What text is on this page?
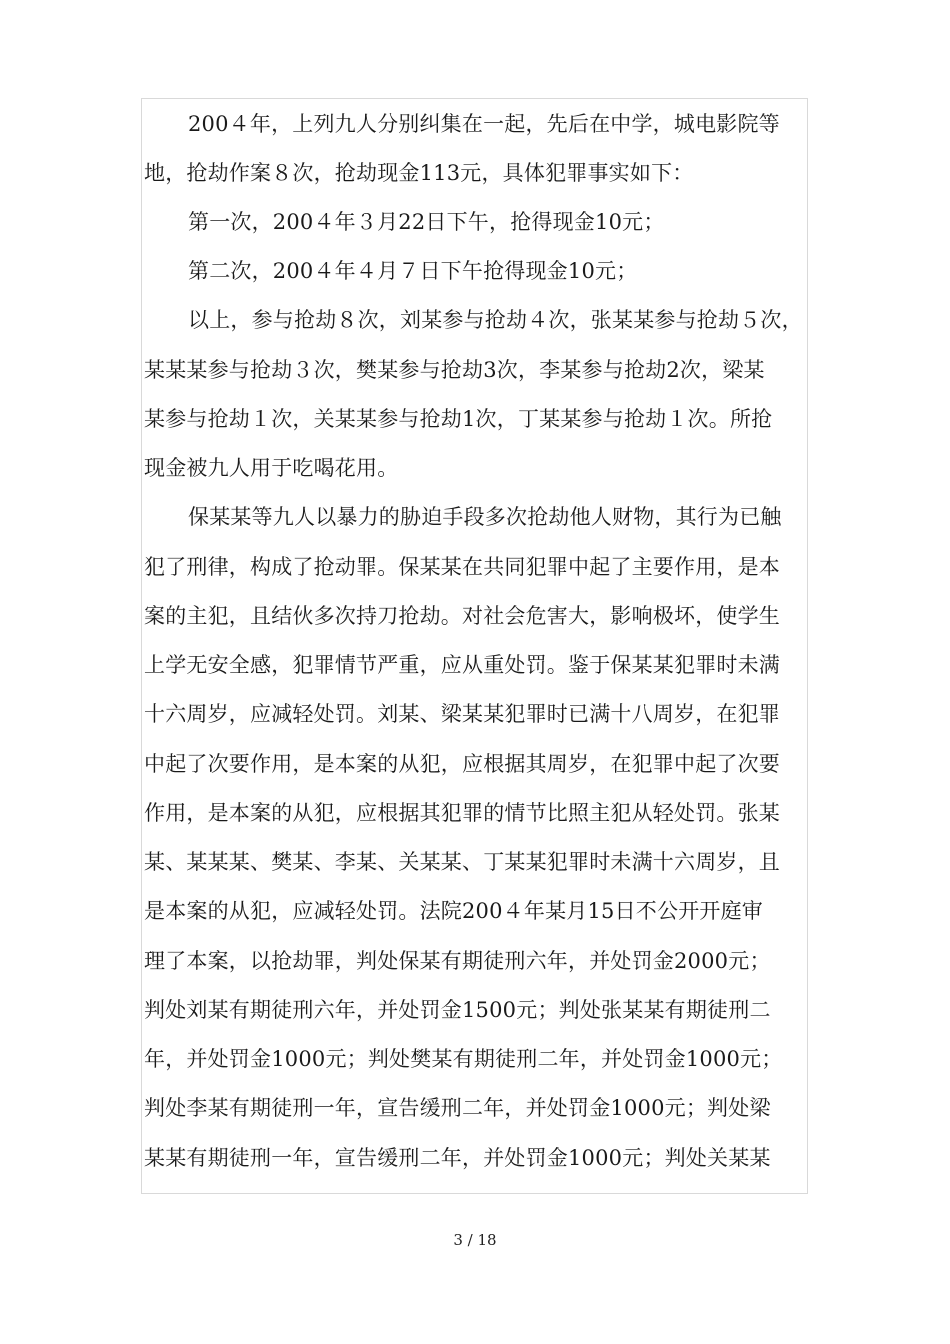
200４年，上列九人分别纠集在一起，先后在中学，城电影院等
地，抢劫作案８次，抢劫现金113元，具体犯罪事实如下：
第一次，200４年３月22日下午，抢得现金10元；
第二次，200４年４月７日下午抢得现金10元；
以上，参与抢劫８次，刘某参与抢劫４次，张某某参与抢劫５次，
某某某参与抢劫３次，樊某参与抢劫3次，李某参与抢劫2次，梁某
某参与抢劫１次，关某某参与抢劫1次，丁某某参与抢劫１次。所抢
现金被九人用于吃喝花用。
保某某等九人以暴力的胁迫手段多次抢劫他人财物，其行为已触
犯了刑律，构成了抢动罪。保某某在共同犯罪中起了主要作用，是本
案的主犯，且结伙多次持刀抢劫。对社会危害大，影响极坏，使学生
上学无安全感，犯罪情节严重，应从重处罚。鉴于保某某犯罪时未满
十六周岁，应减轻处罚。刘某、梁某某犯罪时已满十八周岁，在犯罪
中起了次要作用，是本案的从犯，应根据其周岁，在犯罪中起了次要
作用，是本案的从犯，应根据其犯罪的情节比照主犯从轻处罚。张某
某、某某某、樊某、李某、关某某、丁某某犯罪时未满十六周岁，且
是本案的从犯，应减轻处罚。法院200４年某月15日不公开开庭审
理了本案，以抢劫罪，判处保某有期徒刑六年，并处罚金2000元；
判处刘某有期徒刑六年，并处罚金1500元；判处张某某有期徒刑二
年，并处罚金1000元；判处樊某有期徒刑二年，并处罚金1000元；
判处李某有期徒刑一年，宣告缓刑二年，并处罚金1000元；判处梁
某某有期徒刑一年，宣告缓刑二年，并处罚金1000元；判处关某某
3 / 18
